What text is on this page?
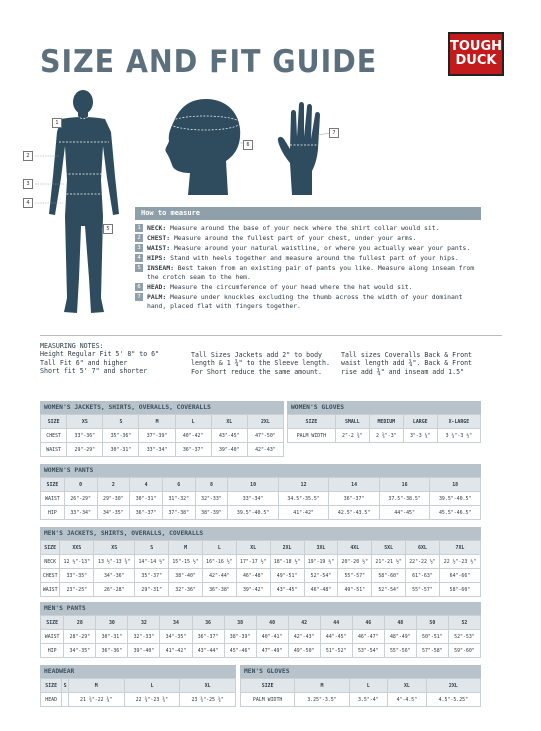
SIZE AND FIT GUIDE	TOUGH
DUCK
1
2
3
4
5
6
7
How to measure
1 NECK: Measure around the base of your neck where the shirt collar would sit.
2 CHEST: Measure around the fullest part of your chest, under your arms.
3 WAIST: Measure around your natural waistline, or where you actually wear your pants.
4 HIPS: Stand with heels together and measure around the fullest part of your hips.
5 INSEAM: Best taken from an existing pair of pants you like. Measure along inseam from the crotch seam to the hem.
6 HEAD: Measure the circumference of your head where the hat would sit.
7 PALM: Measure under knuckles excluding the thumb across the width of your dominant hand, placed flat with fingers together.
MEASURING NOTES:
Height Regular Fit 5' 8" to 6"
Tall Fit 6" and higher
Short fit 5' 7" and shorter
Tall Sizes Jackets add 2" to body
length & 1 ¾" to the Sleeve length.
For Short reduce the same amount.
Tall sizes Coveralls Back & Front
waist length add ¾". Back & Front
rise add ¾" and inseam add 1.5"
WOMEN'S JACKETS, SHIRTS, OVERALLS, COVERALLS
SIZE	XS	S	M	L	XL	2XL
CHEST	33"-36"	35"-36"	37"-39"	40"-42"	43"-45"	47"-50"
WAIST	29"-29"	30"-31"	33"-34"	36"-37"	39"-40"	42"-43"
WOMEN'S GLOVES
SIZE	SMALL	MEDIUM	LARGE	X-LARGE
PALM WIDTH	2"-2 ¾"	2 ¾"-3"	3"-3 ¼"	3 ¼"-3 ½"
WOMEN'S PANTS
SIZE	0	2	4	6	8	10	12	14	16	18
WAIST	26"-29"	29"-30"	30"-31"	31"-32"	32"-33"	33"-34"	34.5"-35.5"	36"-37"	37.5"-38.5"	39.5"-40.5"
HIP	33"-34"	34"-35"	36"-37"	37"-38"	38"-39"	39.5"-40.5"	41"-42"	42.5"-43.5"	44"-45"	45.5"-46.5"
MEN'S JACKETS, SHIRTS, OVERALLS, COVERALLS
SIZE	XXS	XS	S	M	L	XL	2XL	3XL	4XL	5XL	6XL	7XL
NECK	12 ½"-13"	13 ½"-13 ¾"	14"-14 ½"	15"-15 ½"	16"-16 ½"	17"-17 ½"	18"-18 ½"	19"-19 ½"	20"-20 ½"	21"-21 ½"	22"-22 ½"	22 ½"-23 ½"
CHEST	33"-35"	34"-36"	35"-37"	38"-40"	42"-44"	46"-48"	49"-51"	52"-54"	55"-57"	58"-60"	61"-63"	64"-66"
WAIST	23"-25"	26"-28"	29"-31"	32"-36"	36"-38"	39"-42"	43"-45"	46"-48"	49"-51"	52"-54"	55"-57"	58"-60"
MEN'S PANTS
SIZE	28	30	32	34	36	38	40	42	44	46	48	50	52
WAIST	28"-29"	30"-31"	32"-33"	34"-35"	36"-37"	38"-39"	40"-41"	42"-43"	44"-45"	46"-47"	48"-49"	50"-51"	52"-53"
HIP	34"-35"	36"-36"	39"-40"	41"-42"	43"-44"	45"-46"	47"-49"	49"-50"	51"-52"	53"-54"	55"-56"	57"-58"	59"-60"
HEADWEAR
SIZE	S	M	L	XL
HEAD		21 ¾"-22 ¾"	22 ¾"-23 ¾"	23 ¾"-25 ¾"
MEN'S GLOVES
SIZE	M	L	XL	2XL
PALM WIDTH	3.25"-3.5"	3.5"-4"	4"-4.5"	4.5"-5.25"
